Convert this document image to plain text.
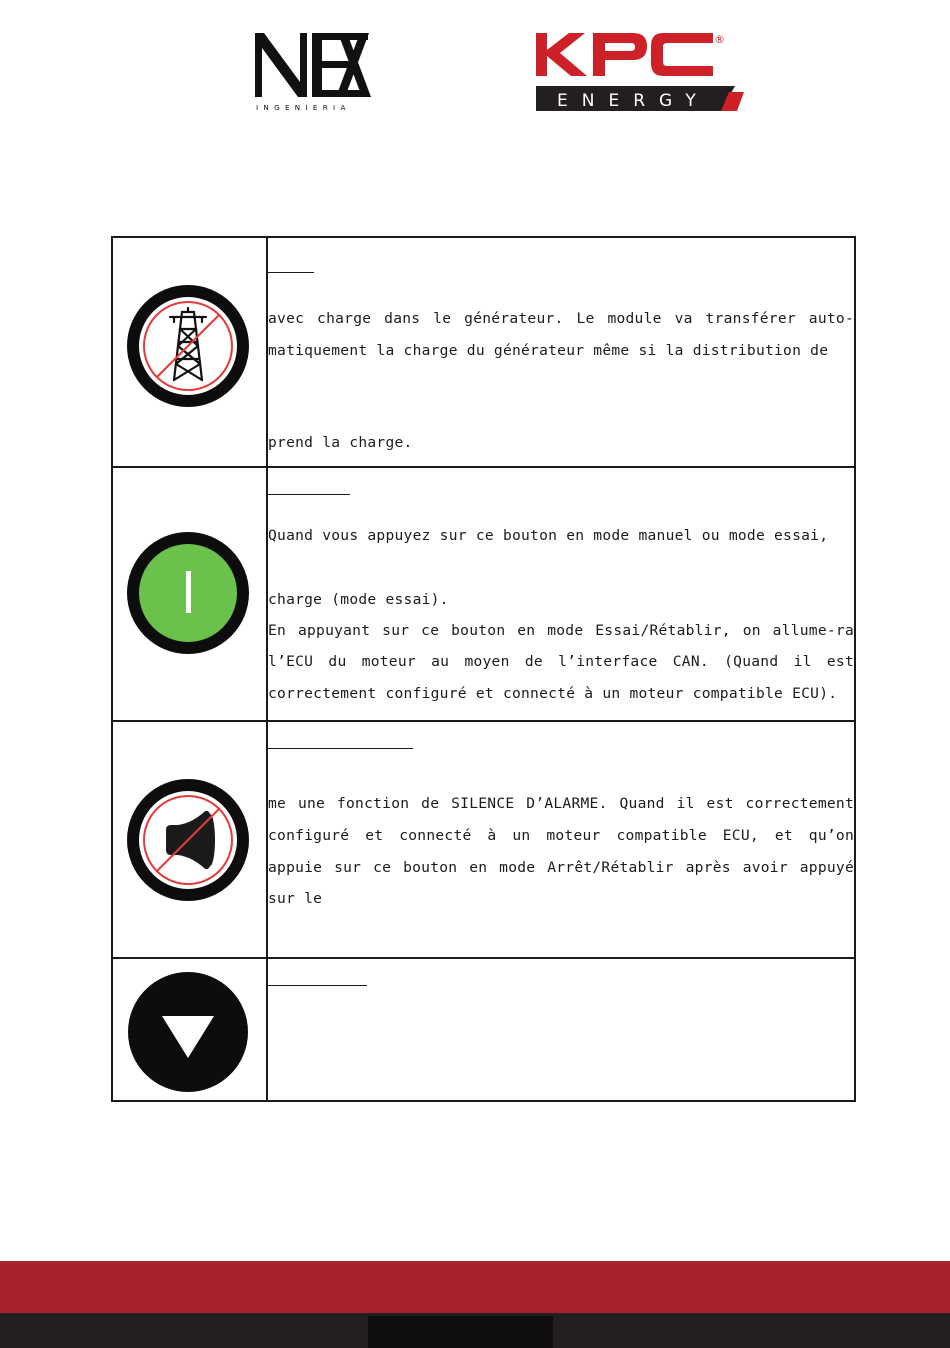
INGENIERIA
®
ENERGY

avec charge dans le générateur. Le module va transférer auto-matiquement la charge du générateur même si la distribution de
prend la charge.

Quand vous appuyez sur ce bouton en mode manuel ou mode essai,
charge (mode essai).
En appuyant sur ce bouton en mode Essai/Rétablir, on allume-ra l’ECU du moteur au moyen de l’interface CAN. (Quand il est correctement configuré et connecté à un moteur compatible ECU).

me une fonction de SILENCE D’ALARME. Quand il est correctement configuré et connecté à un moteur compatible ECU, et qu’on appuie sur ce bouton en mode Arrêt/Rétablir après avoir appuyé sur le
